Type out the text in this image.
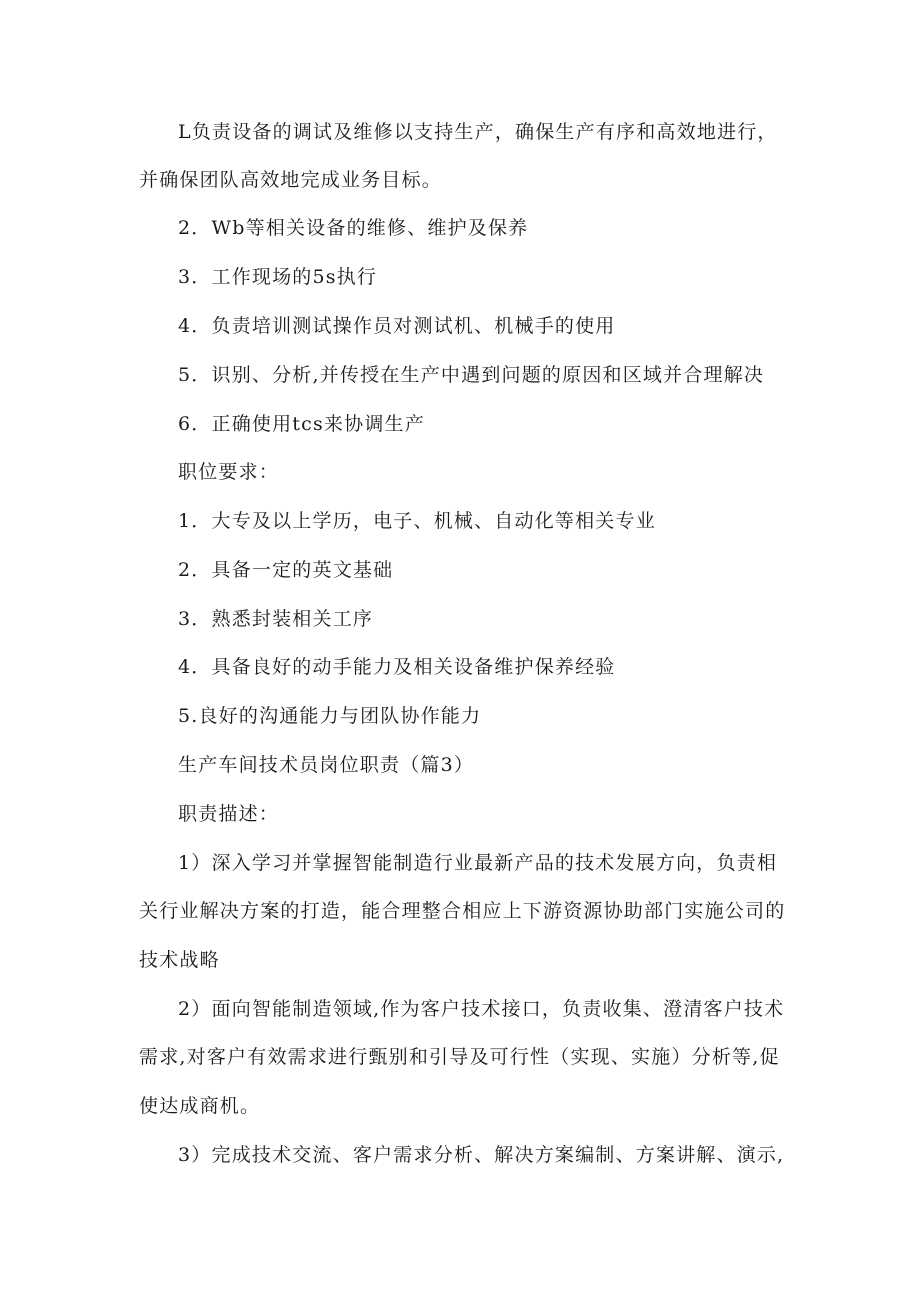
L负责设备的调试及维修以支持生产，确保生产有序和高效地进行，
并确保团队高效地完成业务目标。
2．Wb等相关设备的维修、维护及保养
3．工作现场的5s执行
4．负责培训测试操作员对测试机、机械手的使用
5．识别、分析,并传授在生产中遇到问题的原因和区域并合理解决
6．正确使用tcs来协调生产
职位要求：
1．大专及以上学历，电子、机械、自动化等相关专业
2．具备一定的英文基础
3．熟悉封装相关工序
4．具备良好的动手能力及相关设备维护保养经验
5.良好的沟通能力与团队协作能力
生产车间技术员岗位职责（篇3）
职责描述：
1）深入学习并掌握智能制造行业最新产品的技术发展方向，负责相
关行业解决方案的打造，能合理整合相应上下游资源协助部门实施公司的
技术战略
2）面向智能制造领域,作为客户技术接口，负责收集、澄清客户技术
需求,对客户有效需求进行甄别和引导及可行性（实现、实施）分析等,促
使达成商机。
3）完成技术交流、客户需求分析、解决方案编制、方案讲解、演示,
